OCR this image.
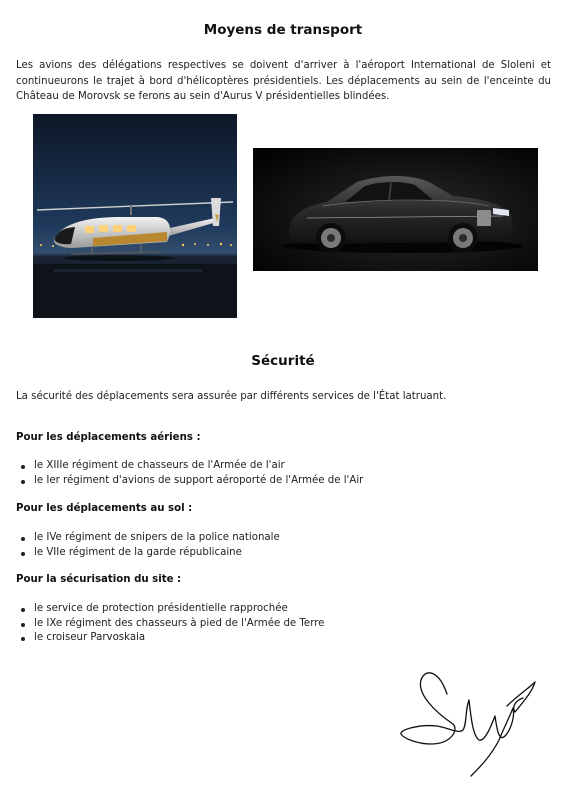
Moyens de transport
Les avions des délégations respectives se doivent d'arriver à l'aéroport International de Sloleni et continueurons le trajet à bord d'hélicoptères présidentiels. Les déplacements au sein de l'enceinte du Château de Morovsk se ferons au sein d'Aurus V présidentielles blindées.
Sécurité
La sécurité des déplacements sera assurée par différents services de l'État latruant.
Pour les déplacements aériens :
le XIIIe régiment de chasseurs de l'Armée de l'air
le Ier régiment d'avions de support aéroporté de l'Armée de l'Air
Pour les déplacements au sol :
le IVe régiment de snipers de la police nationale
le VIIe régiment de la garde républicaine
Pour la sécurisation du site :
le service de protection présidentielle rapprochée
le IXe régiment des chasseurs à pied de l'Armée de Terre
le croiseur Parvoskaia
